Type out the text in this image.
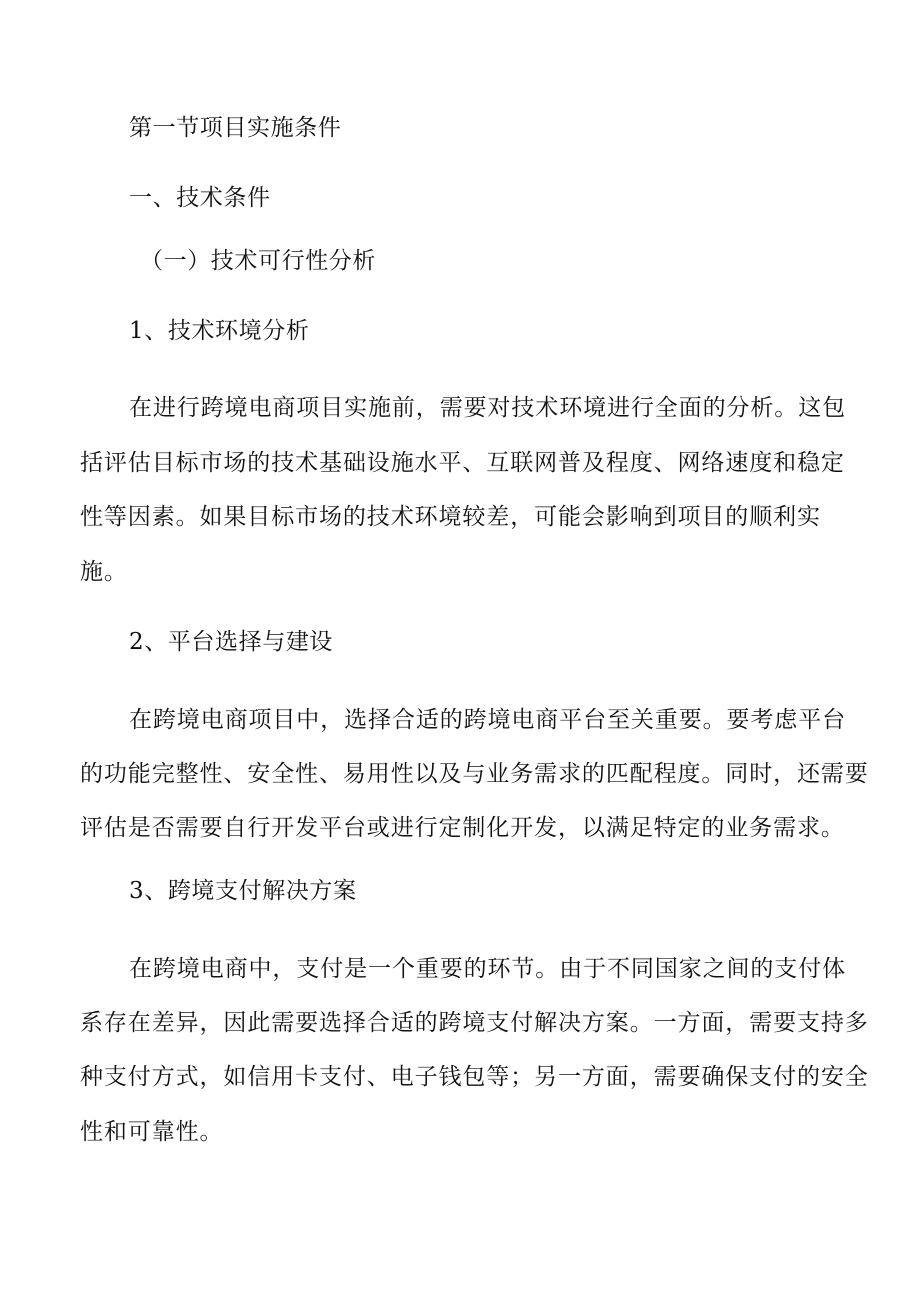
第一节项目实施条件
一、技术条件
（一）技术可行性分析
1、技术环境分析
在进行跨境电商项目实施前，需要对技术环境进行全面的分析。这包
括评估目标市场的技术基础设施水平、互联网普及程度、网络速度和稳定
性等因素。如果目标市场的技术环境较差，可能会影响到项目的顺利实
施。
2、平台选择与建设
在跨境电商项目中，选择合适的跨境电商平台至关重要。要考虑平台
的功能完整性、安全性、易用性以及与业务需求的匹配程度。同时，还需要
评估是否需要自行开发平台或进行定制化开发，以满足特定的业务需求。
3、跨境支付解决方案
在跨境电商中，支付是一个重要的环节。由于不同国家之间的支付体
系存在差异，因此需要选择合适的跨境支付解决方案。一方面，需要支持多
种支付方式，如信用卡支付、电子钱包等；另一方面，需要确保支付的安全
性和可靠性。
